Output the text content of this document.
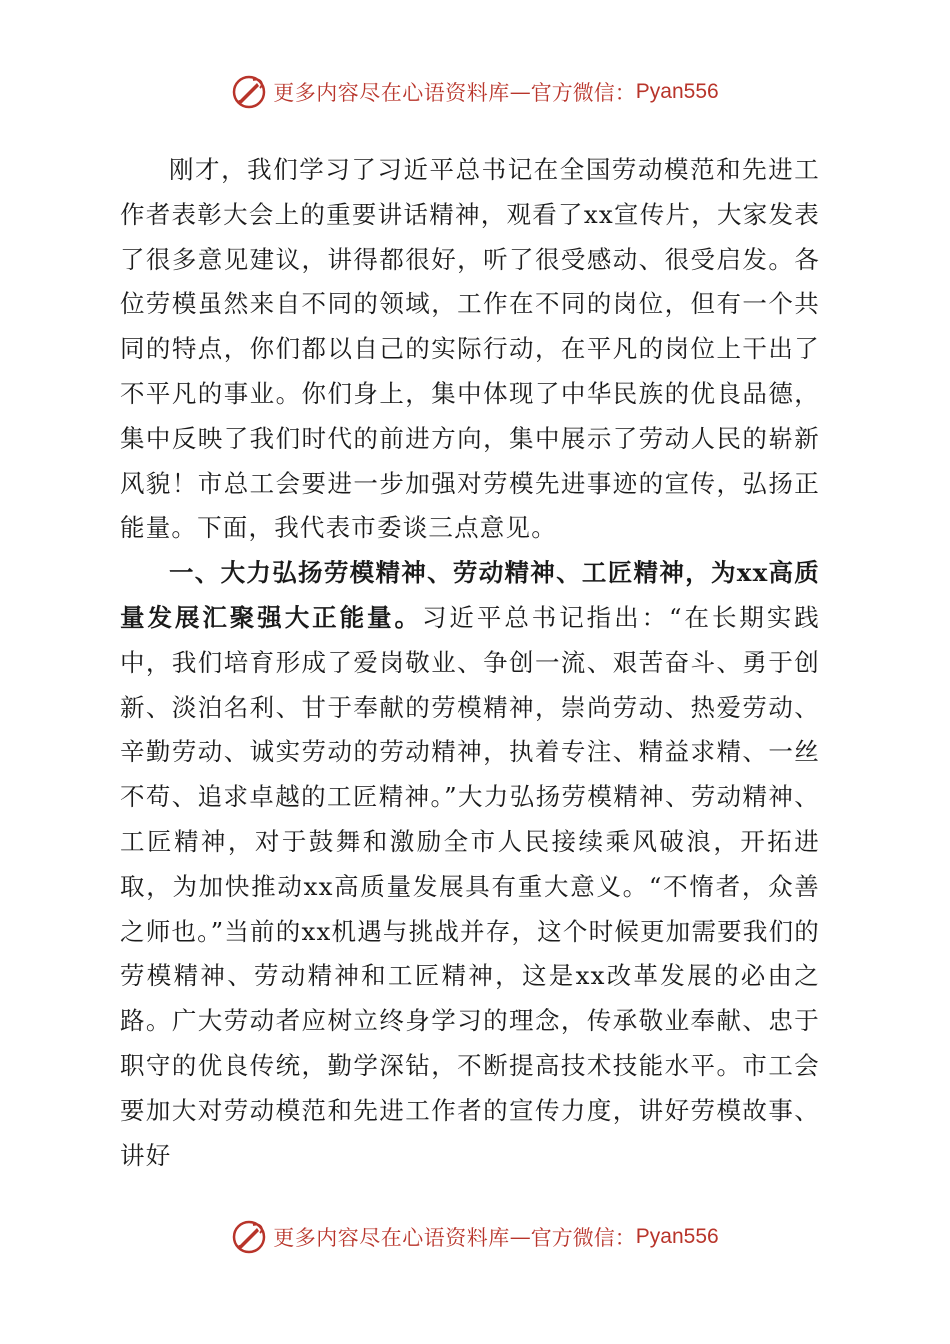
更多内容尽在心语资料库 — 官方微信： Pyan556

刚才，我们学习了习近平总书记在全国劳动模范和先进工作者表彰大会上的重要讲话精神，观看了xx宣传片，大家发表了很多意见建议，讲得都很好，听了很受感动、很受启发。各位劳模虽然来自不同的领域，工作在不同的岗位，但有一个共同的特点，你们都以自己的实际行动，在平凡的岗位上干出了不平凡的事业。你们身上，集中体现了中华民族的优良品德，集中反映了我们时代的前进方向，集中展示了劳动人民的崭新风貌！市总工会要进一步加强对劳模先进事迹的宣传，弘扬正能量。下面，我代表市委谈三点意见。

一、大力弘扬劳模精神、劳动精神、工匠精神，为xx高质量发展汇聚强大正能量。习近平总书记指出：“在长期实践中，我们培育形成了爱岗敬业、争创一流、艰苦奋斗、勇于创新、淡泊名利、甘于奉献的劳模精神，崇尚劳动、热爱劳动、辛勤劳动、诚实劳动的劳动精神，执着专注、精益求精、一丝不苟、追求卓越的工匠精神。”大力弘扬劳模精神、劳动精神、工匠精神，对于鼓舞和激励全市人民接续乘风破浪，开拓进取，为加快推动xx高质量发展具有重大意义。“不惰者，众善之师也。”当前的xx机遇与挑战并存，这个时候更加需要我们的劳模精神、劳动精神和工匠精神，这是xx改革发展的必由之路。广大劳动者应树立终身学习的理念，传承敬业奉献、忠于职守的优良传统，勤学深钻，不断提高技术技能水平。市工会要加大对劳动模范和先进工作者的宣传力度，讲好劳模故事、讲好

更多内容尽在心语资料库 — 官方微信： Pyan556
